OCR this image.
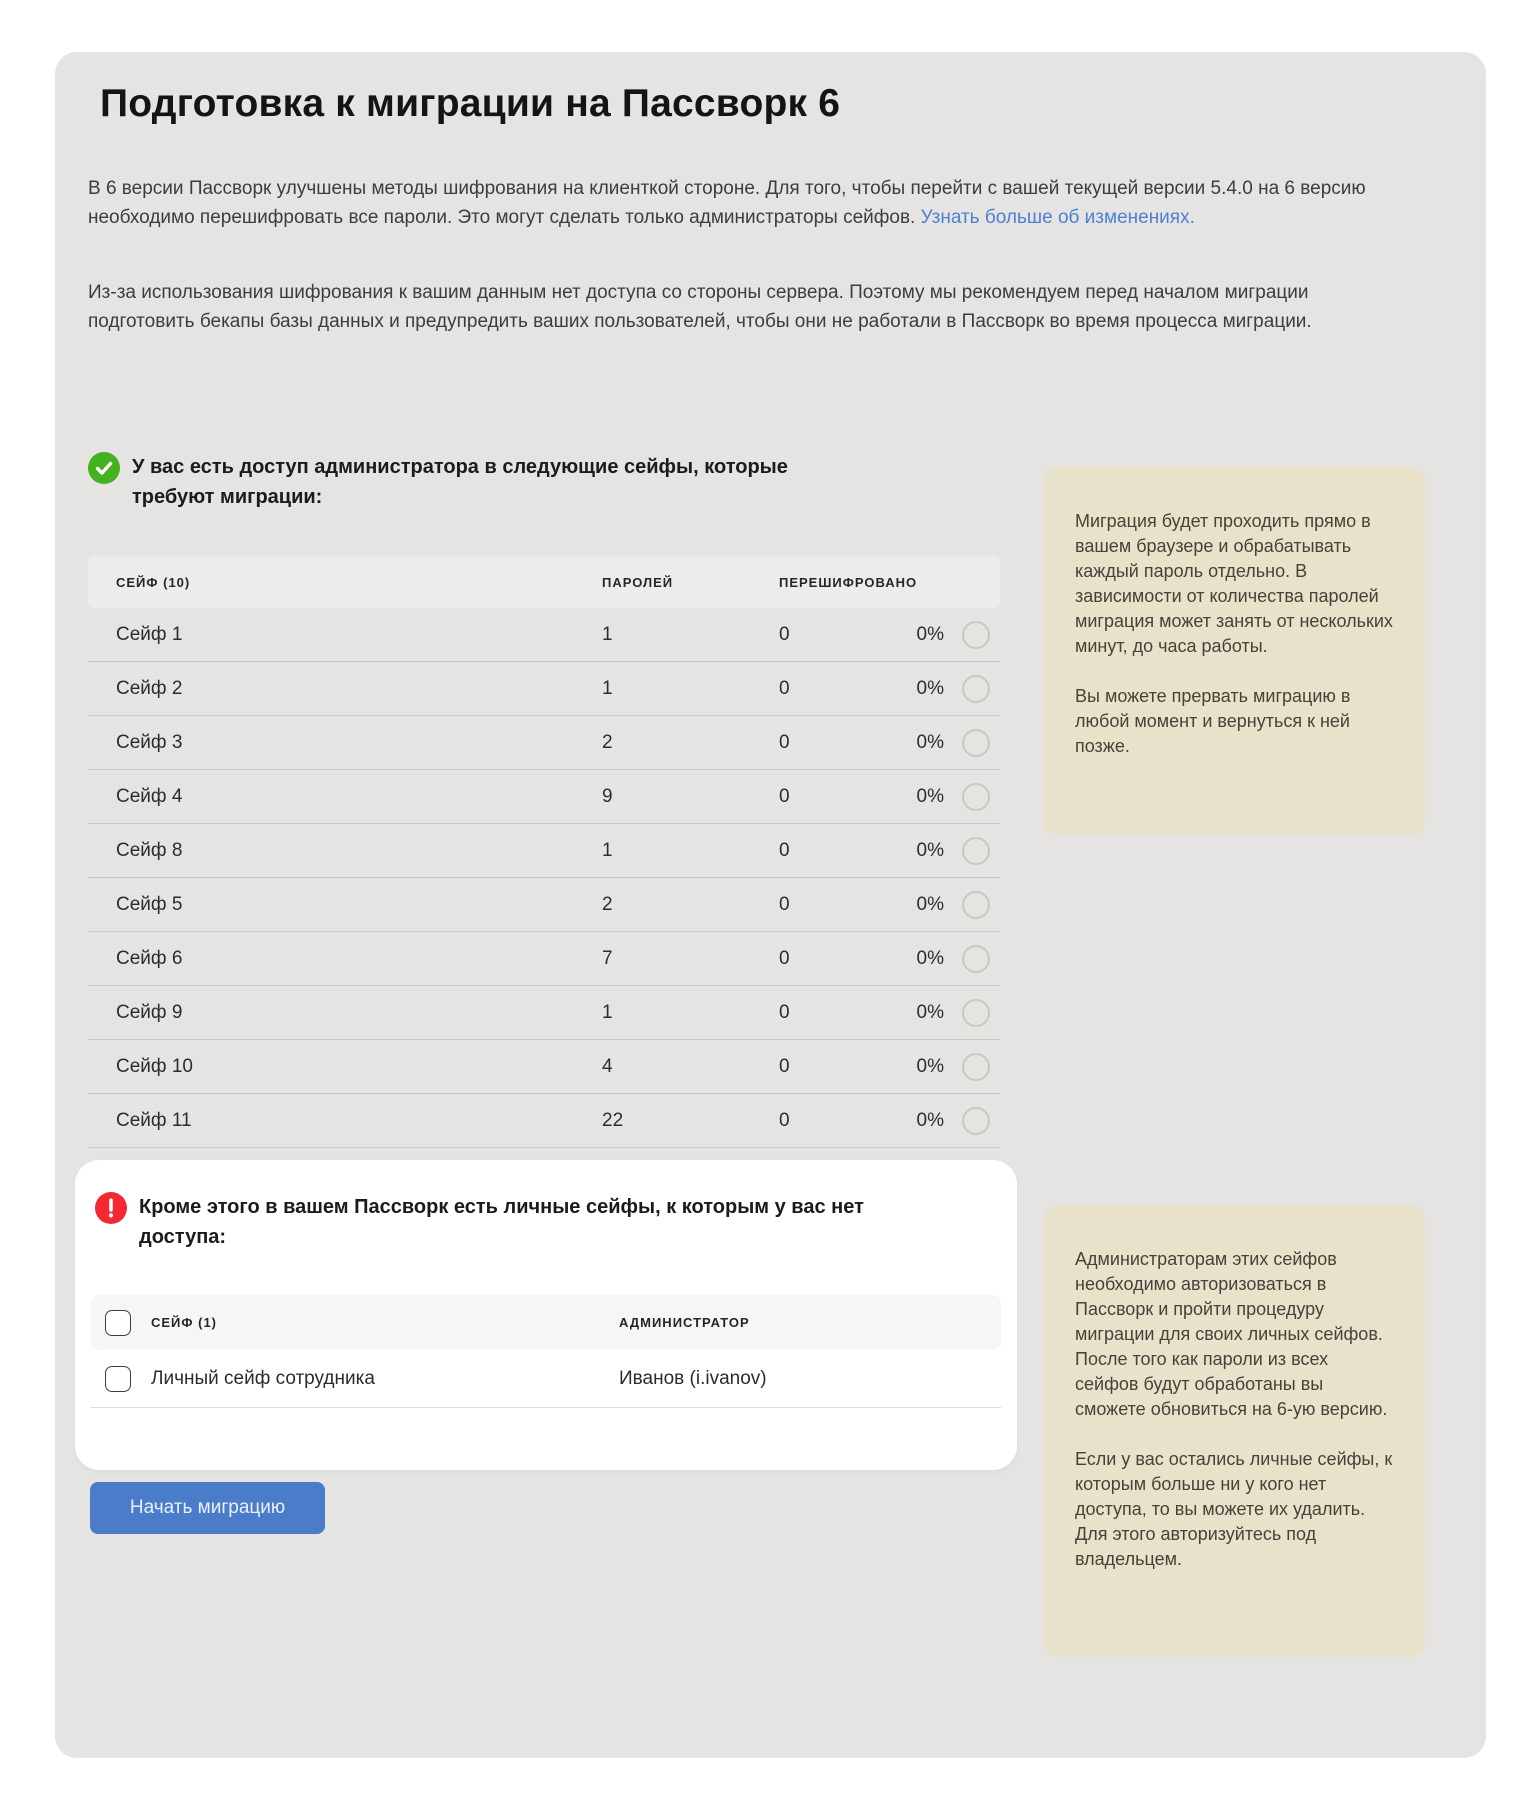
Подготовка к миграции на Пассворк 6

В 6 версии Пассворк улучшены методы шифрования на клиенткой стороне. Для того, чтобы перейти с вашей текущей версии 5.4.0 на 6 версию необходимо перешифровать все пароли. Это могут сделать только администраторы сейфов. Узнать больше об изменениях.

Из-за использования шифрования к вашим данным нет доступа со стороны сервера. Поэтому мы рекомендуем перед началом миграции подготовить бекапы базы данных и предупредить ваших пользователей, чтобы они не работали в Пассворк во время процесса миграции.

У вас есть доступ администратора в следующие сейфы, которые требуют миграции:
СЕЙФ (10)	ПАРОЛЕЙ	ПЕРЕШИФРОВАНО
Сейф 1	1	0	0%
Сейф 2	1	0	0%
Сейф 3	2	0	0%
Сейф 4	9	0	0%
Сейф 8	1	0	0%
Сейф 5	2	0	0%
Сейф 6	7	0	0%
Сейф 9	1	0	0%
Сейф 10	4	0	0%
Сейф 11	22	0	0%

Миграция будет проходить прямо в вашем браузере и обрабатывать каждый пароль отдельно. В зависимости от количества паролей миграция может занять от нескольких минут, до часа работы.

Вы можете прервать миграцию в любой момент и вернуться к ней позже.

Кроме этого в вашем Пассворк есть личные сейфы, к которым у вас нет доступа:
СЕЙФ (1)	АДМИНИСТРАТОР
Личный сейф сотрудника	Иванов (i.ivanov)

Администраторам этих сейфов необходимо авторизоваться в Пассворк и пройти процедуру миграции для своих личных сейфов. После того как пароли из всех сейфов будут обработаны вы сможете обновиться на 6-ую версию.

Если у вас остались личные сейфы, к которым больше ни у кого нет доступа, то вы можете их удалить. Для этого авторизуйтесь под владельцем.

Начать миграцию
